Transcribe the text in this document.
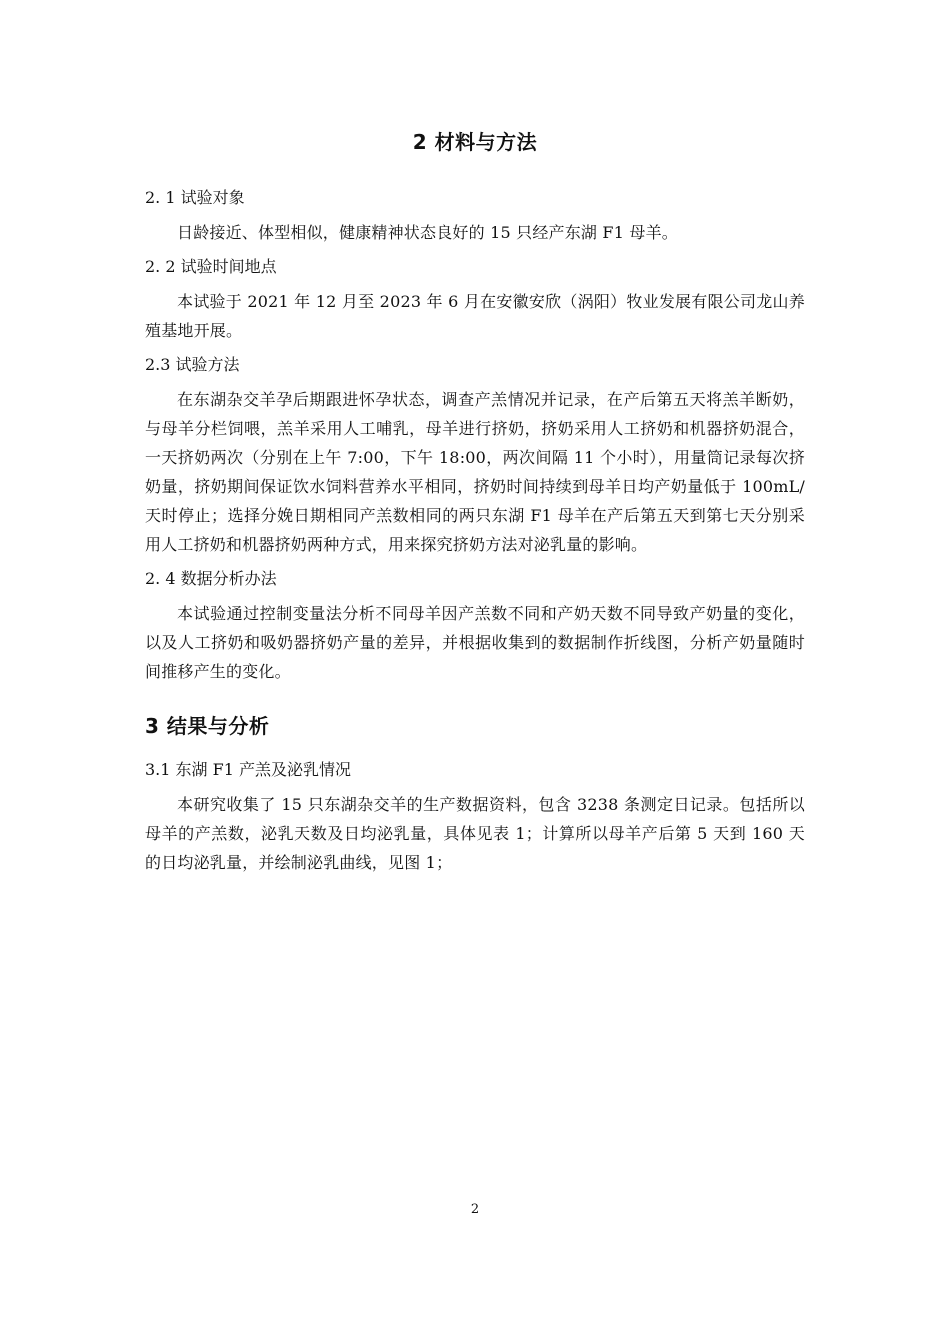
2 材料与方法
2. 1 试验对象

日龄接近、体型相似，健康精神状态良好的 15 只经产东湖 F1 母羊。

2. 2 试验时间地点

本试验于 2021 年 12 月至 2023 年 6 月在安徽安欣（涡阳）牧业发展有限公司龙山养殖基地开展。

2.3 试验方法

在东湖杂交羊孕后期跟进怀孕状态，调查产羔情况并记录，在产后第五天将羔羊断奶，与母羊分栏饲喂，羔羊采用人工哺乳，母羊进行挤奶，挤奶采用人工挤奶和机器挤奶混合，一天挤奶两次（分别在上午 7:00，下午 18:00，两次间隔 11 个小时），用量筒记录每次挤奶量，挤奶期间保证饮水饲料营养水平相同，挤奶时间持续到母羊日均产奶量低于 100mL/天时停止；选择分娩日期相同产羔数相同的两只东湖 F1 母羊在产后第五天到第七天分别采用人工挤奶和机器挤奶两种方式，用来探究挤奶方法对泌乳量的影响。

2. 4 数据分析办法

本试验通过控制变量法分析不同母羊因产羔数不同和产奶天数不同导致产奶量的变化，以及人工挤奶和吸奶器挤奶产量的差异，并根据收集到的数据制作折线图，分析产奶量随时间推移产生的变化。

3 结果与分析
3.1 东湖 F1 产羔及泌乳情况

本研究收集了 15 只东湖杂交羊的生产数据资料，包含 3238 条测定日记录。包括所以母羊的产羔数，泌乳天数及日均泌乳量，具体见表 1；计算所以母羊产后第 5 天到 160 天的日均泌乳量，并绘制泌乳曲线，见图 1；

2
